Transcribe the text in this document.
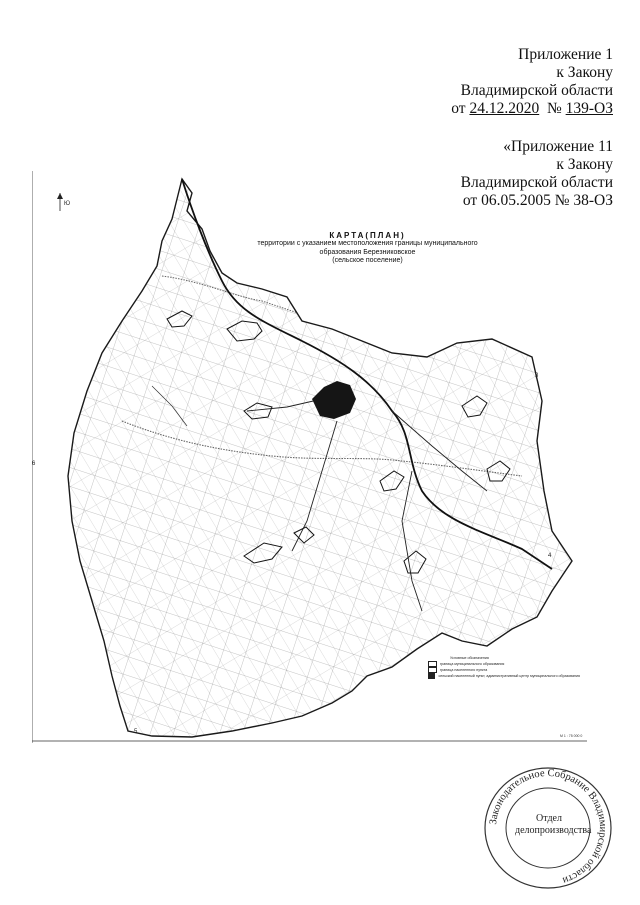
Приложение 1
к Закону
Владимирской области
от 24.12.2020 № 139-ОЗ
«Приложение 11
к Закону
Владимирской области
от 06.05.2005 № 38-ОЗ
Ю
3
4
5
6
КАРТА(ПЛАН)
территории с указанием местоположения границы муниципального
образования Березниковское
(сельское поселение)
Условные обозначения
граница муниципального образования
граница населенного пункта
сельский населенный пункт, административный центр муниципального образования
М 1 : 75 000 0
Законодательное Собрание Владимирской области
Отдел
делопроизводства
